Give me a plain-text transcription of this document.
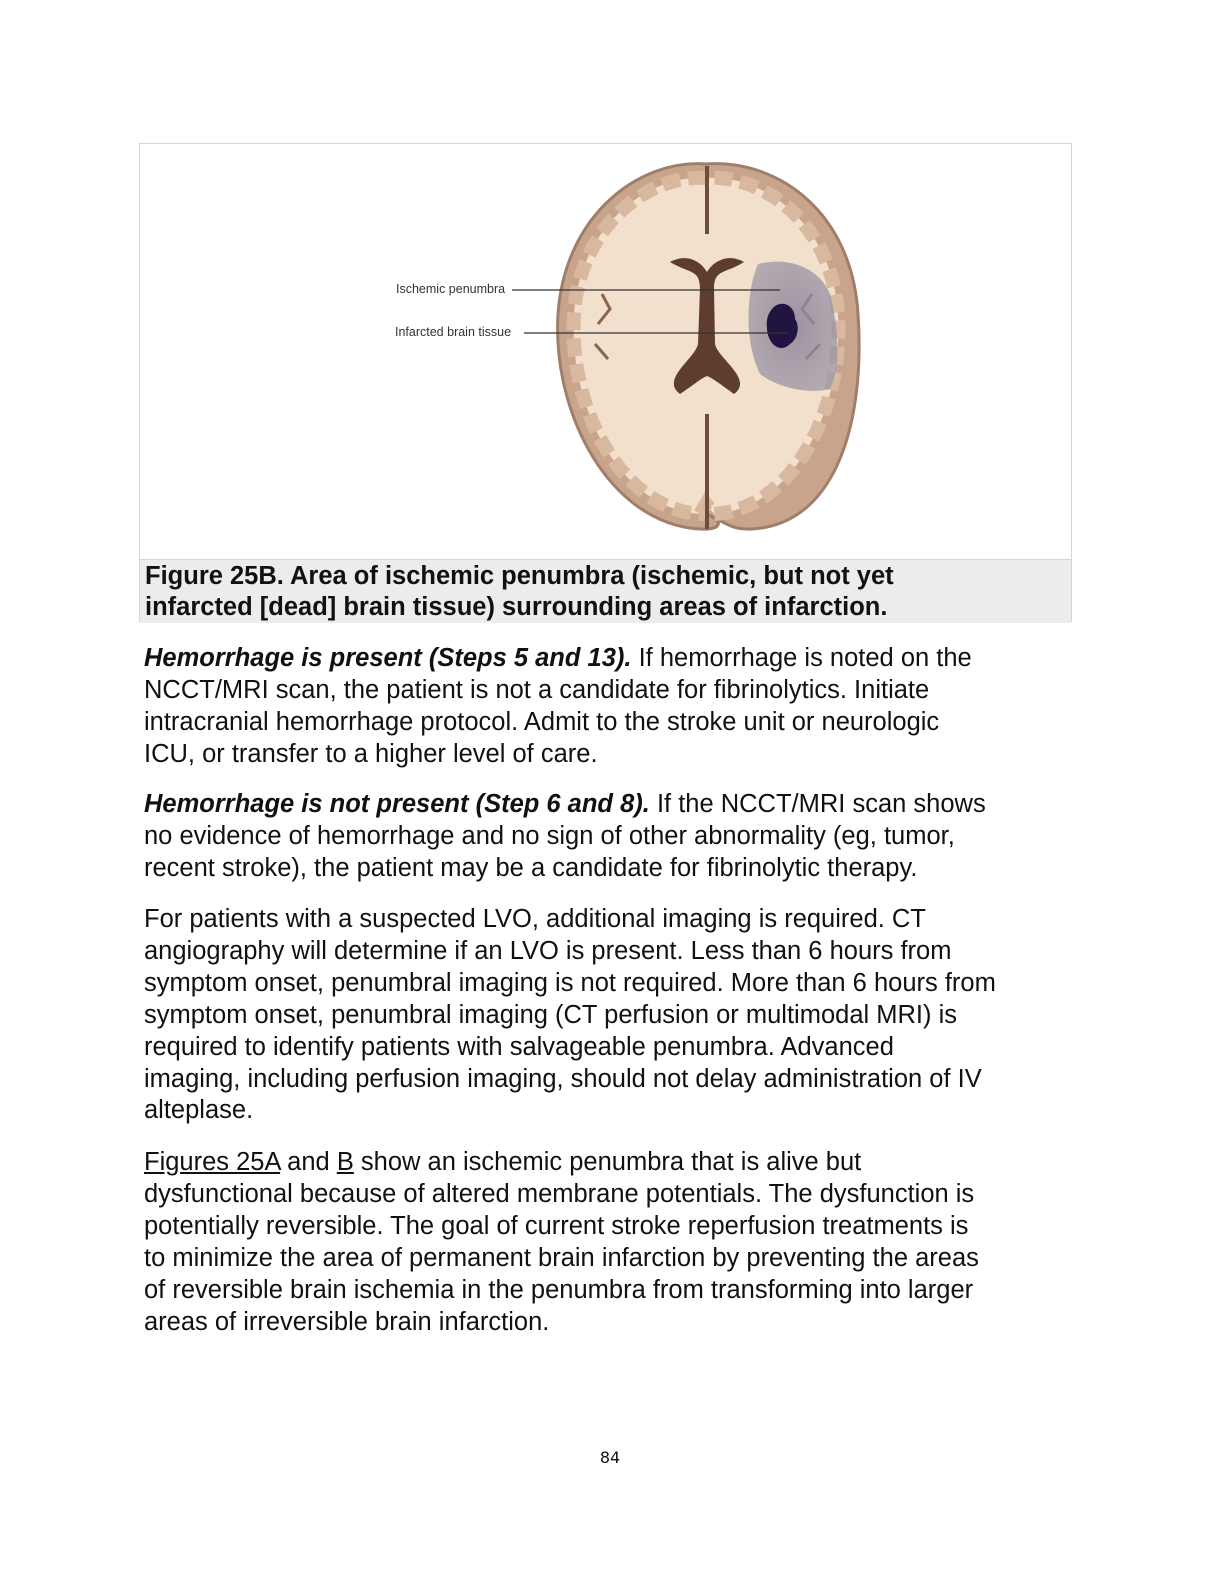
Ischemic penumbra
Infarcted brain tissue
Figure 25B. Area of ischemic penumbra (ischemic, but not yet
infarcted [dead] brain tissue) surrounding areas of infarction.
Hemorrhage is present (Steps 5 and 13). If hemorrhage is noted on the
NCCT/MRI scan, the patient is not a candidate for fibrinolytics. Initiate
intracranial hemorrhage protocol. Admit to the stroke unit or neurologic
ICU, or transfer to a higher level of care.
Hemorrhage is not present (Step 6 and 8). If the NCCT/MRI scan shows
no evidence of hemorrhage and no sign of other abnormality (eg, tumor,
recent stroke), the patient may be a candidate for fibrinolytic therapy.
For patients with a suspected LVO, additional imaging is required. CT
angiography will determine if an LVO is present. Less than 6 hours from
symptom onset, penumbral imaging is not required. More than 6 hours from
symptom onset, penumbral imaging (CT perfusion or multimodal MRI) is
required to identify patients with salvageable penumbra. Advanced
imaging, including perfusion imaging, should not delay administration of IV
alteplase.
Figures 25A and B show an ischemic penumbra that is alive but
dysfunctional because of altered membrane potentials. The dysfunction is
potentially reversible. The goal of current stroke reperfusion treatments is
to minimize the area of permanent brain infarction by preventing the areas
of reversible brain ischemia in the penumbra from transforming into larger
areas of irreversible brain infarction.
84
